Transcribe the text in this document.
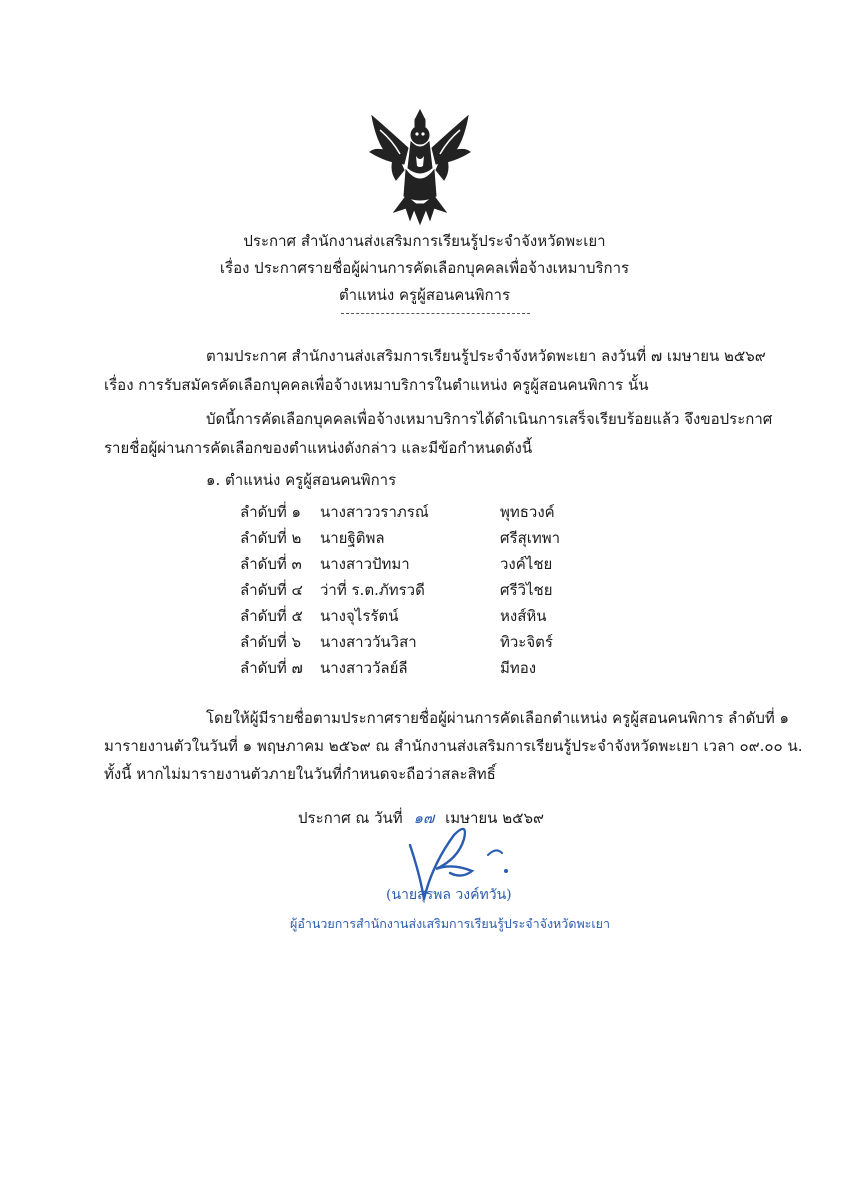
ประกาศ สำนักงานส่งเสริมการเรียนรู้ประจำจังหวัดพะเยา
เรื่อง ประกาศรายชื่อผู้ผ่านการคัดเลือกบุคคลเพื่อจ้างเหมาบริการ
ตำแหน่ง ครูผู้สอนคนพิการ
ตามประกาศ สำนักงานส่งเสริมการเรียนรู้ประจำจังหวัดพะเยา ลงวันที่ ๗ เมษายน ๒๕๖๙
เรื่อง การรับสมัครคัดเลือกบุคคลเพื่อจ้างเหมาบริการในตำแหน่ง ครูผู้สอนคนพิการ นั้น
บัดนี้การคัดเลือกบุคคลเพื่อจ้างเหมาบริการได้ดำเนินการเสร็จเรียบร้อยแล้ว จึงขอประกาศ
รายชื่อผู้ผ่านการคัดเลือกของตำแหน่งดังกล่าว และมีข้อกำหนดดังนี้
๑. ตำแหน่ง ครูผู้สอนคนพิการ
ลำดับที่ ๑ นางสาววราภรณ์	พุทธวงค์
ลำดับที่ ๒ นายฐิติพล	ศรีสุเทพา
ลำดับที่ ๓ นางสาวปัทมา	วงค์ไชย
ลำดับที่ ๔ ว่าที่ ร.ต.ภัทรวดี	ศรีวิไชย
ลำดับที่ ๕ นางจุไรรัตน์	หงส์หิน
ลำดับที่ ๖ นางสาววันวิสา	ทิวะจิตร์
ลำดับที่ ๗ นางสาววัลย์ลี	มีทอง
โดยให้ผู้มีรายชื่อตามประกาศรายชื่อผู้ผ่านการคัดเลือกตำแหน่ง ครูผู้สอนคนพิการ ลำดับที่ ๑
มารายงานตัวในวันที่ ๑ พฤษภาคม ๒๕๖๙ ณ สำนักงานส่งเสริมการเรียนรู้ประจำจังหวัดพะเยา เวลา ๐๙.๐๐ น.
ทั้งนี้ หากไม่มารายงานตัวภายในวันที่กำหนดจะถือว่าสละสิทธิ์
ประกาศ ณ วันที่ ๑๗ เมษายน ๒๕๖๙
(นายสุรพล วงค์ทวัน)
ผู้อำนวยการสำนักงานส่งเสริมการเรียนรู้ประจำจังหวัดพะเยา
